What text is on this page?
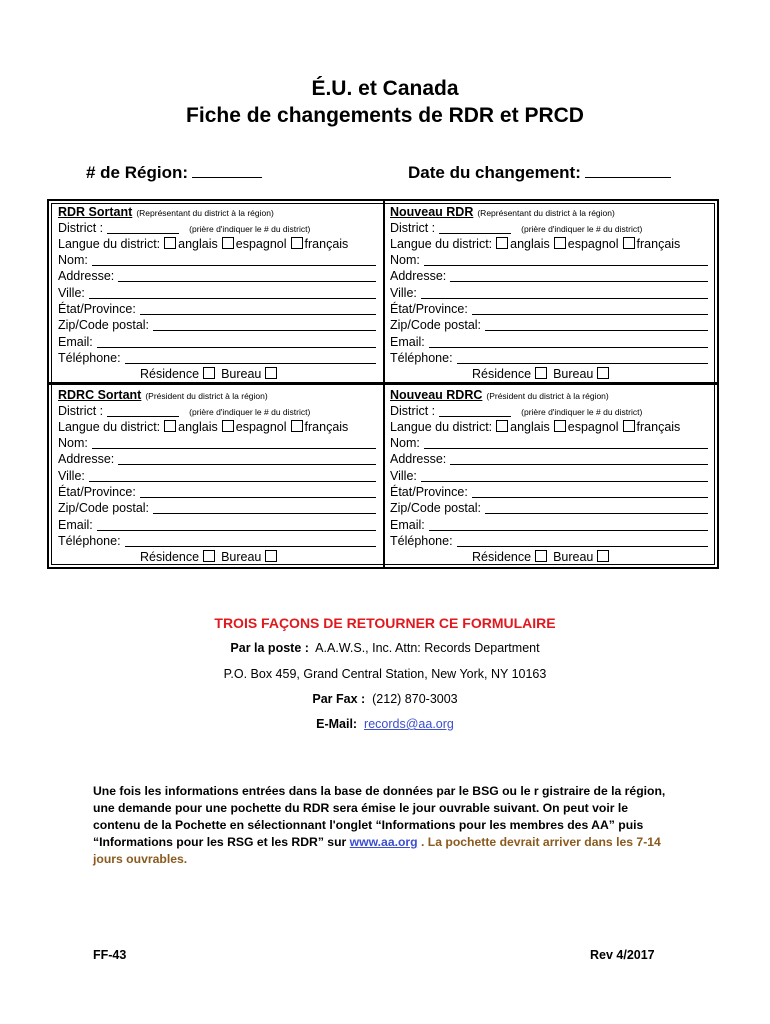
É.U. et Canada
Fiche de changements de RDR et PRCD
# de Région:	Date du changement:
RDR Sortant (Représentant du district à la région)
District :	(prière d'indiquer le # du district)
Langue du district: anglais espagnol français
Nom:
Addresse:
Ville:
État/Province:
Zip/Code postal:
Email:
Téléphone:
Résidence Bureau
Nouveau RDR (Représentant du district à la région)
District :	(prière d'indiquer le # du district)
Langue du district: anglais espagnol français
Nom:
Addresse:
Ville:
État/Province:
Zip/Code postal:
Email:
Téléphone:
Résidence Bureau
RDRC Sortant (Président du district à la région)
District :	(prière d'indiquer le # du district)
Langue du district: anglais espagnol français
Nom:
Addresse:
Ville:
État/Province:
Zip/Code postal:
Email:
Téléphone:
Résidence Bureau
Nouveau RDRC (Président du district à la région)
District :	(prière d'indiquer le # du district)
Langue du district: anglais espagnol français
Nom:
Addresse:
Ville:
État/Province:
Zip/Code postal:
Email:
Téléphone:
Résidence Bureau
TROIS FAÇONS DE RETOURNER CE FORMULAIRE
Par la poste : A.A.W.S., Inc. Attn: Records Department
P.O. Box 459, Grand Central Station, New York, NY 10163
Par Fax : (212) 870-3003
E-Mail: records@aa.org
Une fois les informations entrées dans la base de données par le BSG ou le r gistraire de la région, une demande pour une pochette du RDR sera émise le jour ouvrable suivant. On peut voir le contenu de la Pochette en sélectionnant l'onglet “Informations pour les membres des AA” puis “Informations pour les RSG et les RDR” sur www.aa.org . La pochette devrait arriver dans les 7-14 jours ouvrables.
FF-43	Rev 4/2017
